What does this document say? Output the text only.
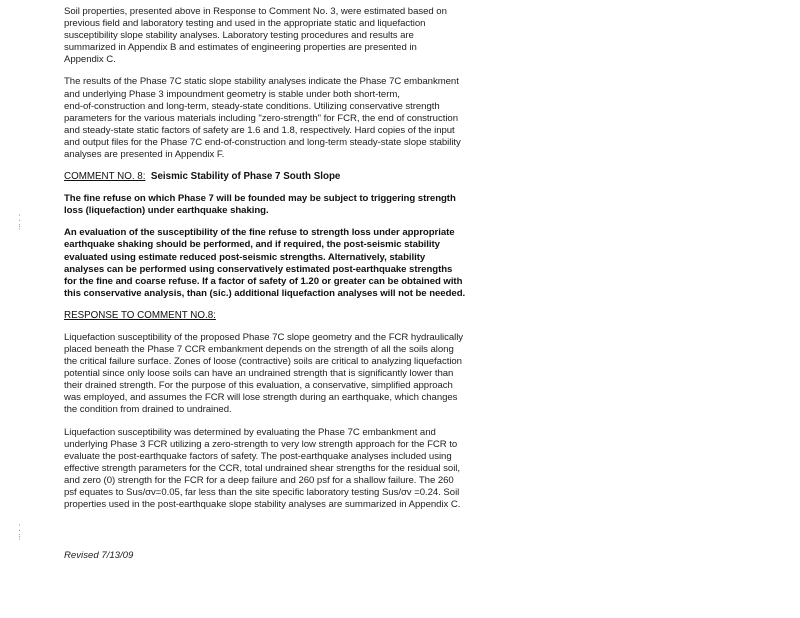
⁚
⁝
⁚
⁝

Soil properties, presented above in Response to Comment No. 3, were estimated based on
previous field and laboratory testing and used in the appropriate static and liquefaction
susceptibility slope stability analyses. Laboratory testing procedures and results are
summarized in Appendix B and estimates of engineering properties are presented in
Appendix C.

The results of the Phase 7C static slope stability analyses indicate the Phase 7C embankment
and underlying Phase 3 impoundment geometry is stable under both short-term,
end-of-construction and long-term, steady-state conditions. Utilizing conservative strength
parameters for the various materials including "zero-strength" for FCR, the end of construction
and steady-state static factors of safety are 1.6 and 1.8, respectively. Hard copies of the input
and output files for the Phase 7C end-of-construction and long-term steady-state slope stability
analyses are presented in Appendix F.

COMMENT NO. 8: Seismic Stability of Phase 7 South Slope

The fine refuse on which Phase 7 will be founded may be subject to triggering strength
loss (liquefaction) under earthquake shaking.

An evaluation of the susceptibility of the fine refuse to strength loss under appropriate
earthquake shaking should be performed, and if required, the post-seismic stability
evaluated using estimate reduced post-seismic strengths. Alternatively, stability
analyses can be performed using conservatively estimated post-earthquake strengths
for the fine and coarse refuse. If a factor of safety of 1.20 or greater can be obtained with
this conservative analysis, than (sic.) additional liquefaction analyses will not be needed.

RESPONSE TO COMMENT NO.8:

Liquefaction susceptibility of the proposed Phase 7C slope geometry and the FCR hydraulically
placed beneath the Phase 7 CCR embankment depends on the strength of all the soils along
the critical failure surface. Zones of loose (contractive) soils are critical to analyzing liquefaction
potential since only loose soils can have an undrained strength that is significantly lower than
their drained strength. For the purpose of this evaluation, a conservative, simplified approach
was employed, and assumes the FCR will lose strength during an earthquake, which changes
the condition from drained to undrained.

Liquefaction susceptibility was determined by evaluating the Phase 7C embankment and
underlying Phase 3 FCR utilizing a zero-strength to very low strength approach for the FCR to
evaluate the post-earthquake factors of safety. The post-earthquake analyses included using
effective strength parameters for the CCR, total undrained shear strengths for the residual soil,
and zero (0) strength for the FCR for a deep failure and 260 psf for a shallow failure. The 260
psf equates to Sus/σv=0.05, far less than the site specific laboratory testing Sus/σv =0.24. Soil
properties used in the post-earthquake slope stability analyses are summarized in Appendix C.

Revised 7/13/09
